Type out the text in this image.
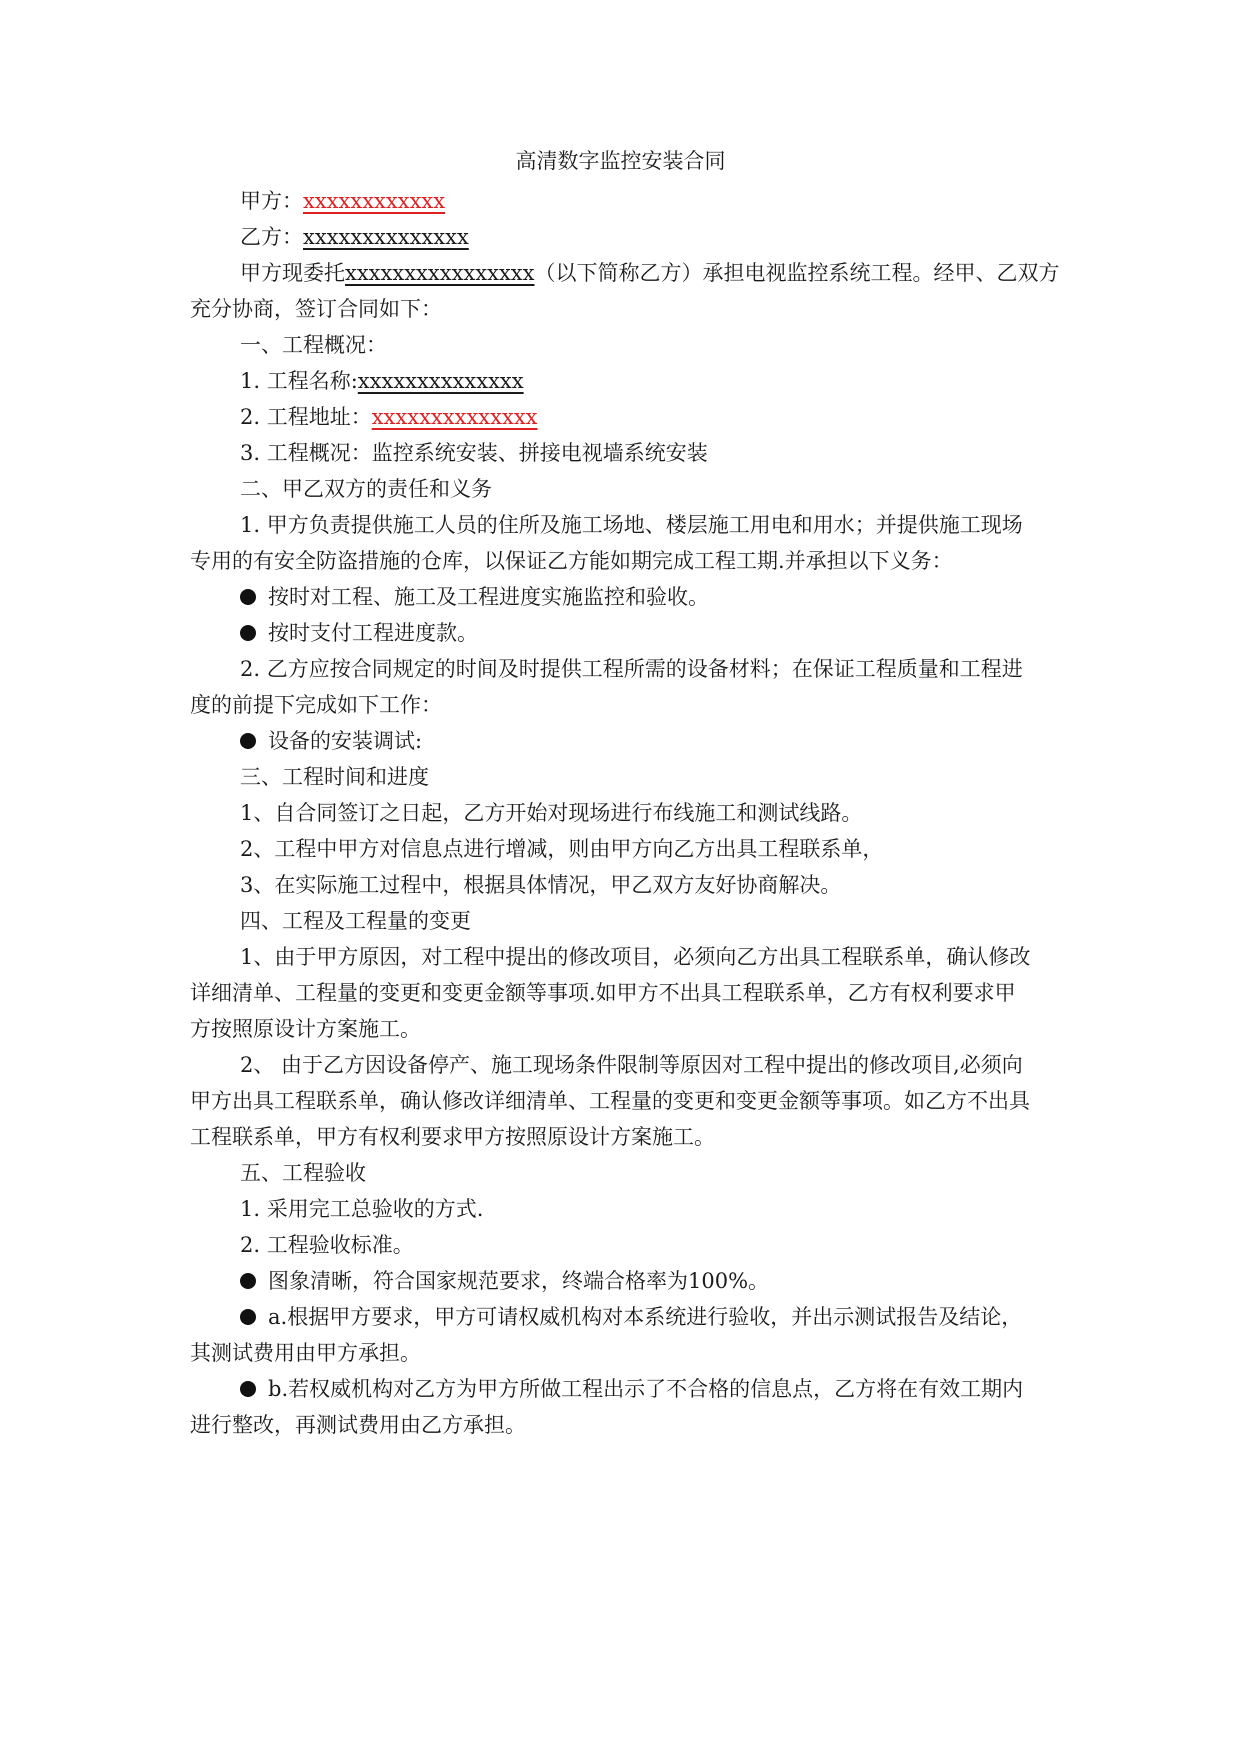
高清数字监控安装合同
甲方：xxxxxxxxxxxx
乙方：xxxxxxxxxxxxxx
甲方现委托xxxxxxxxxxxxxxxx（以下简称乙方）承担电视监控系统工程。经甲、乙双方
充分协商，签订合同如下：
一、工程概况：
1. 工程名称:xxxxxxxxxxxxxx
2. 工程地址：xxxxxxxxxxxxxx
3. 工程概况：监控系统安装、拼接电视墙系统安装
二、甲乙双方的责任和义务
1. 甲方负责提供施工人员的住所及施工场地、楼层施工用电和用水；并提供施工现场
专用的有安全防盗措施的仓库，以保证乙方能如期完成工程工期.并承担以下义务：
按时对工程、施工及工程进度实施监控和验收。
按时支付工程进度款。
2. 乙方应按合同规定的时间及时提供工程所需的设备材料；在保证工程质量和工程进
度的前提下完成如下工作：
设备的安装调试:
三、工程时间和进度
1、自合同签订之日起，乙方开始对现场进行布线施工和测试线路。
2、工程中甲方对信息点进行增减，则由甲方向乙方出具工程联系单，
3、在实际施工过程中，根据具体情况，甲乙双方友好协商解决。
四、工程及工程量的变更
1、由于甲方原因，对工程中提出的修改项目，必须向乙方出具工程联系单，确认修改
详细清单、工程量的变更和变更金额等事项.如甲方不出具工程联系单，乙方有权利要求甲
方按照原设计方案施工。
2、 由于乙方因设备停产、施工现场条件限制等原因对工程中提出的修改项目,必须向
甲方出具工程联系单，确认修改详细清单、工程量的变更和变更金额等事项。如乙方不出具
工程联系单，甲方有权利要求甲方按照原设计方案施工。
五、工程验收
1. 采用完工总验收的方式.
2. 工程验收标准。
图象清晰，符合国家规范要求，终端合格率为100%。
a.根据甲方要求，甲方可请权威机构对本系统进行验收，并出示测试报告及结论，
其测试费用由甲方承担。
b.若权威机构对乙方为甲方所做工程出示了不合格的信息点，乙方将在有效工期内
进行整改，再测试费用由乙方承担。
